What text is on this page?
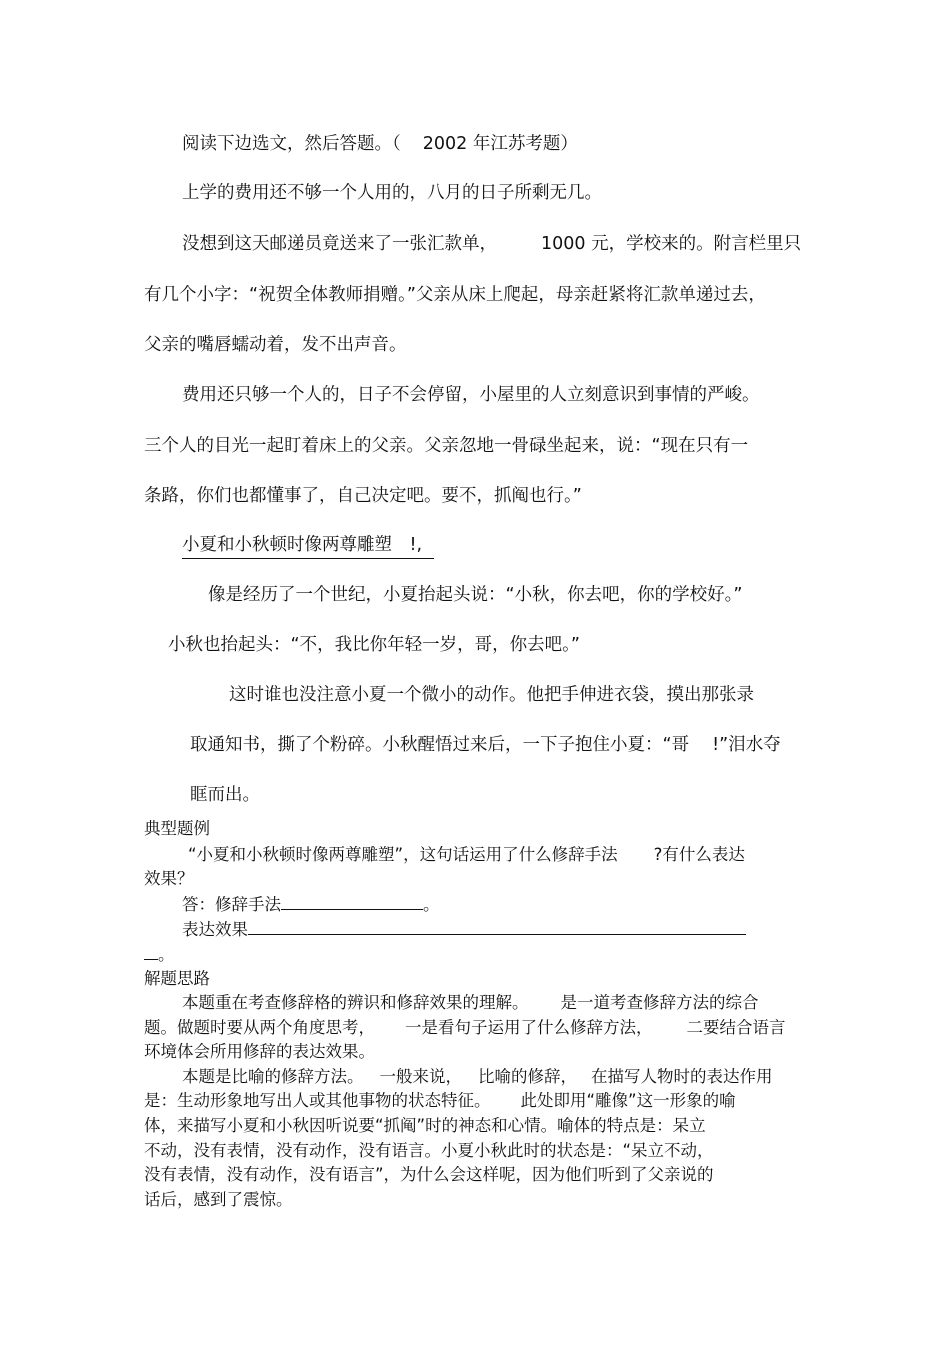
阅读下边选文，然后答题。（ 2002 年江苏考题）
上学的费用还不够一个人用的，八月的日子所剩无几。
没想到这天邮递员竟送来了一张汇款单，	1000 元，学校来的。附言栏里只
有几个小字：“祝贺全体教师捐赠。”父亲从床上爬起，母亲赶紧将汇款单递过去，
父亲的嘴唇蠕动着，发不出声音。
费用还只够一个人的，日子不会停留，小屋里的人立刻意识到事情的严峻。
三个人的目光一起盯着床上的父亲。父亲忽地一骨碌坐起来，说：“现在只有一
条路，你们也都懂事了，自己决定吧。要不，抓阄也行。”
小夏和小秋顿时像两尊雕塑　!,
像是经历了一个世纪，小夏抬起头说：“小秋，你去吧，你的学校好。”
小秋也抬起头：“不，我比你年轻一岁，哥，你去吧。”
这时谁也没注意小夏一个微小的动作。他把手伸进衣袋，摸出那张录
取通知书，撕了个粉碎。小秋醒悟过来后，一下子抱住小夏：“哥　 !”泪水夺
眶而出。
典型题例
“小夏和小秋顿时像两尊雕塑”，这句话运用了什么修辞手法 ?有什么表达
效果？
答：修辞手法	。
表达效果
。
解题思路
本题重在考查修辞格的辨识和修辞效果的理解。 是一道考查修辞方法的综合
题。做题时要从两个角度思考， 一是看句子运用了什么修辞方法， 二要结合语言
环境体会所用修辞的表达效果。
本题是比喻的修辞方法。 一般来说， 比喻的修辞， 在描写人物时的表达作用
是：生动形象地写出人或其他事物的状态特征。 此处即用“雕像”这一形象的喻
体，来描写小夏和小秋因听说要“抓阄”时的神态和心情。喻体的特点是：呆立
不动，没有表情，没有动作，没有语言。小夏小秋此时的状态是：“呆立不动，
没有表情，没有动作，没有语言”，为什么会这样呢，因为他们听到了父亲说的
话后，感到了震惊。
